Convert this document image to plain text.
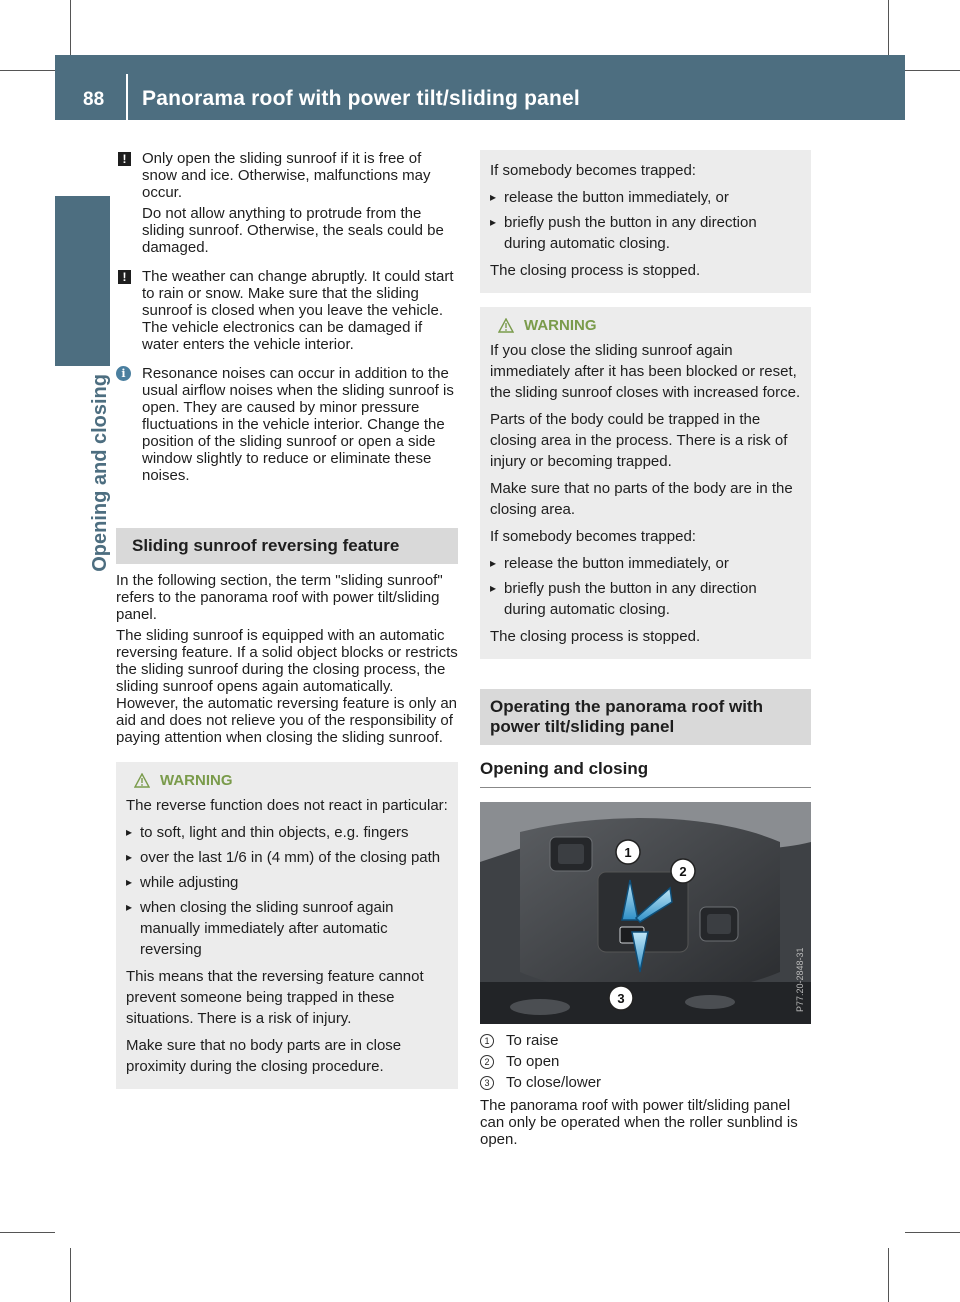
88 Panorama roof with power tilt/sliding panel
Opening and closing
!	Only open the sliding sunroof if it is free of snow and ice. Otherwise, malfunctions may occur.

Do not allow anything to protrude from the sliding sunroof. Otherwise, the seals could be damaged.

!	The weather can change abruptly. It could start to rain or snow. Make sure that the sliding sunroof is closed when you leave the vehicle. The vehicle electronics can be damaged if water enters the vehicle interior.

i	Resonance noises can occur in addition to the usual airflow noises when the sliding sunroof is open. They are caused by minor pressure fluctuations in the vehicle interior. Change the position of the sliding sunroof or open a side window slightly to reduce or eliminate these noises.

Sliding sunroof reversing feature

In the following section, the term "sliding sunroof" refers to the panorama roof with power tilt/sliding panel.

The sliding sunroof is equipped with an automatic reversing feature. If a solid object blocks or restricts the sliding sunroof during the closing process, the sliding sunroof opens again automatically. However, the automatic reversing feature is only an aid and does not relieve you of the responsibility of paying attention when closing the sliding sunroof.

WARNING

The reverse function does not react in particular:

▸ to soft, light and thin objects, e.g. fingers
▸ over the last 1/6 in (4 mm) of the closing path
▸ while adjusting
▸ when closing the sliding sunroof again manually immediately after automatic reversing

This means that the reversing feature cannot prevent someone being trapped in these situations. There is a risk of injury.

Make sure that no body parts are in close proximity during the closing procedure.

If somebody becomes trapped:

▸ release the button immediately, or
▸ briefly push the button in any direction during automatic closing.

The closing process is stopped.

WARNING

If you close the sliding sunroof again immediately after it has been blocked or reset, the sliding sunroof closes with increased force.

Parts of the body could be trapped in the closing area in the process. There is a risk of injury or becoming trapped.

Make sure that no parts of the body are in the closing area.

If somebody becomes trapped:

▸ release the button immediately, or
▸ briefly push the button in any direction during automatic closing.

The closing process is stopped.

Operating the panorama roof with power tilt/sliding panel
Opening and closing
1
2
3	P77.20-2848-31
1	To raise
2	To open
3	To close/lower

The panorama roof with power tilt/sliding panel can only be operated when the roller sunblind is open.
